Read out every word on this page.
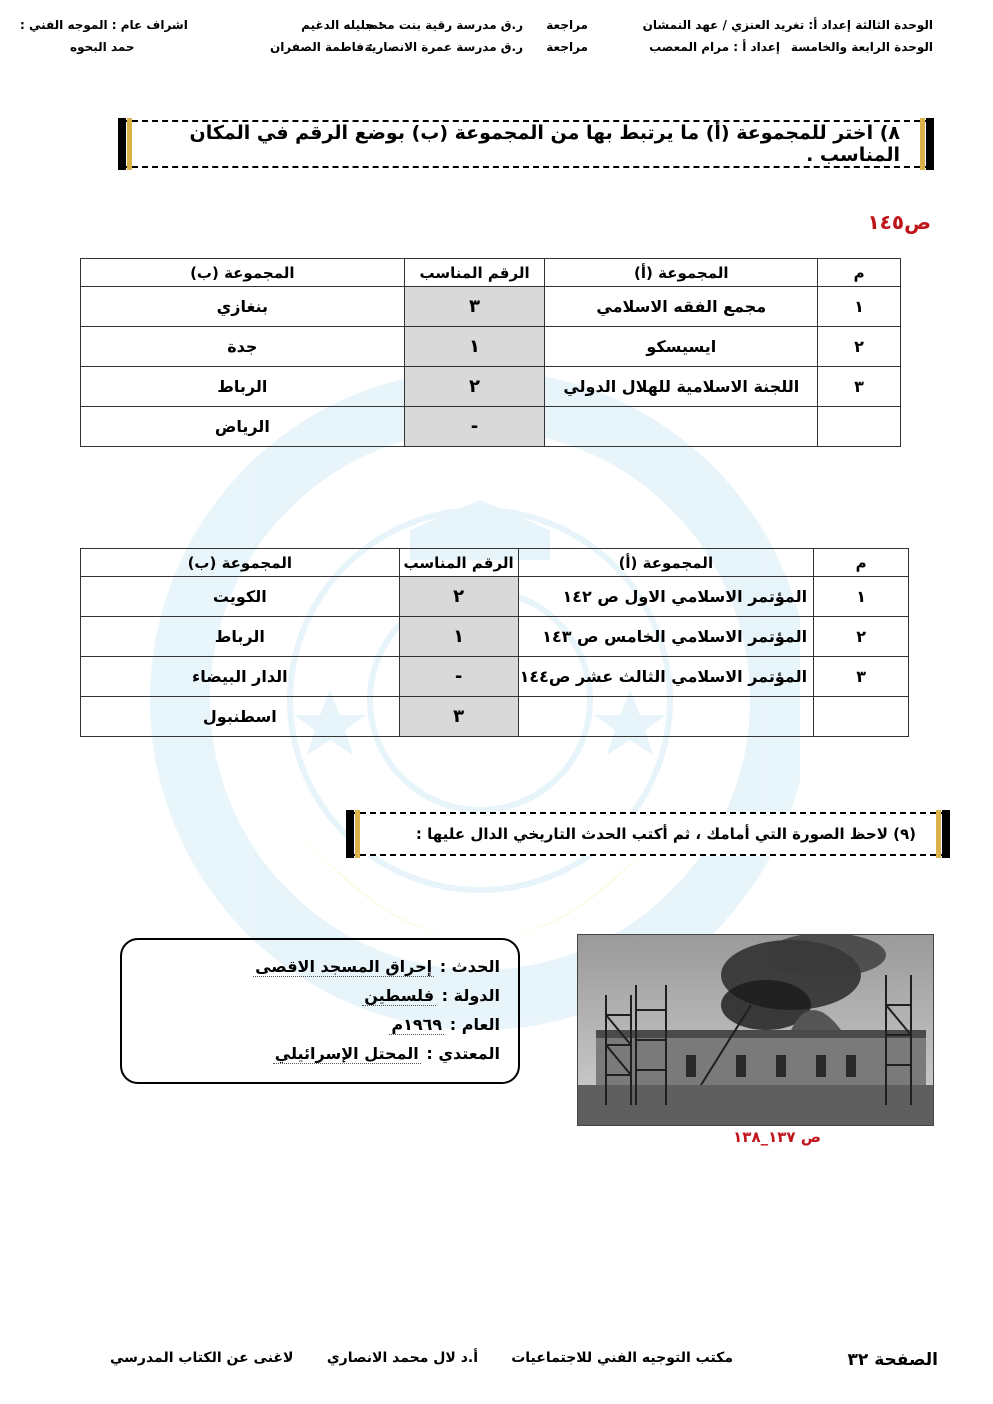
الوحدة الثالثة
إعداد أ: تغريد العنزي / عهد النمشان
مراجعة
ر.ق مدرسة رقية بنت محمد
: جليله الدغيم
اشراف عام : الموجه الفني :
الوحدة الرابعة والخامسة
إعداد أ : مرام المعصب
مراجعة
ر.ق مدرسة عمرة الانصارية
: فاطمة الصفران
حمد البحوه
٨) اختر للمجموعة (أ) ما يرتبط بها من المجموعة (ب) بوضع الرقم في المكان المناسب .
ص١٤٥
م	المجموعة (أ)	الرقم المناسب	المجموعة (ب)
١	مجمع الفقه الاسلامي	٣	بنغازي
٢	ايسيسكو	١	جدة
٣	اللجنة الاسلامية للهلال الدولي	٢	الرباط
		-	الرياض
م	المجموعة (أ)	الرقم المناسب	المجموعة (ب)
١	المؤتمر الاسلامي الاول ص ١٤٢	٢	الكويت
٢	المؤتمر الاسلامي الخامس ص ١٤٣	١	الرباط
٣	المؤتمر الاسلامي الثالث عشر ص١٤٤	-	الدار البيضاء
		٣	اسطنبول
(٩) لاحظ الصورة التي أمامك ، ثم أكتب الحدث التاريخي الدال عليها :
الحدث :

إحراق المسجد الاقصى
الدولة :

فلسطين
العام :

١٩٦٩م
المعتدي :

المحتل الإسرائيلي
ص ١٣٧_١٣٨
الصفحة ٣٢
مكتب التوجيه الفني للاجتماعيات
أ.د لال محمد الانصاري
لاغنى عن الكتاب المدرسي
